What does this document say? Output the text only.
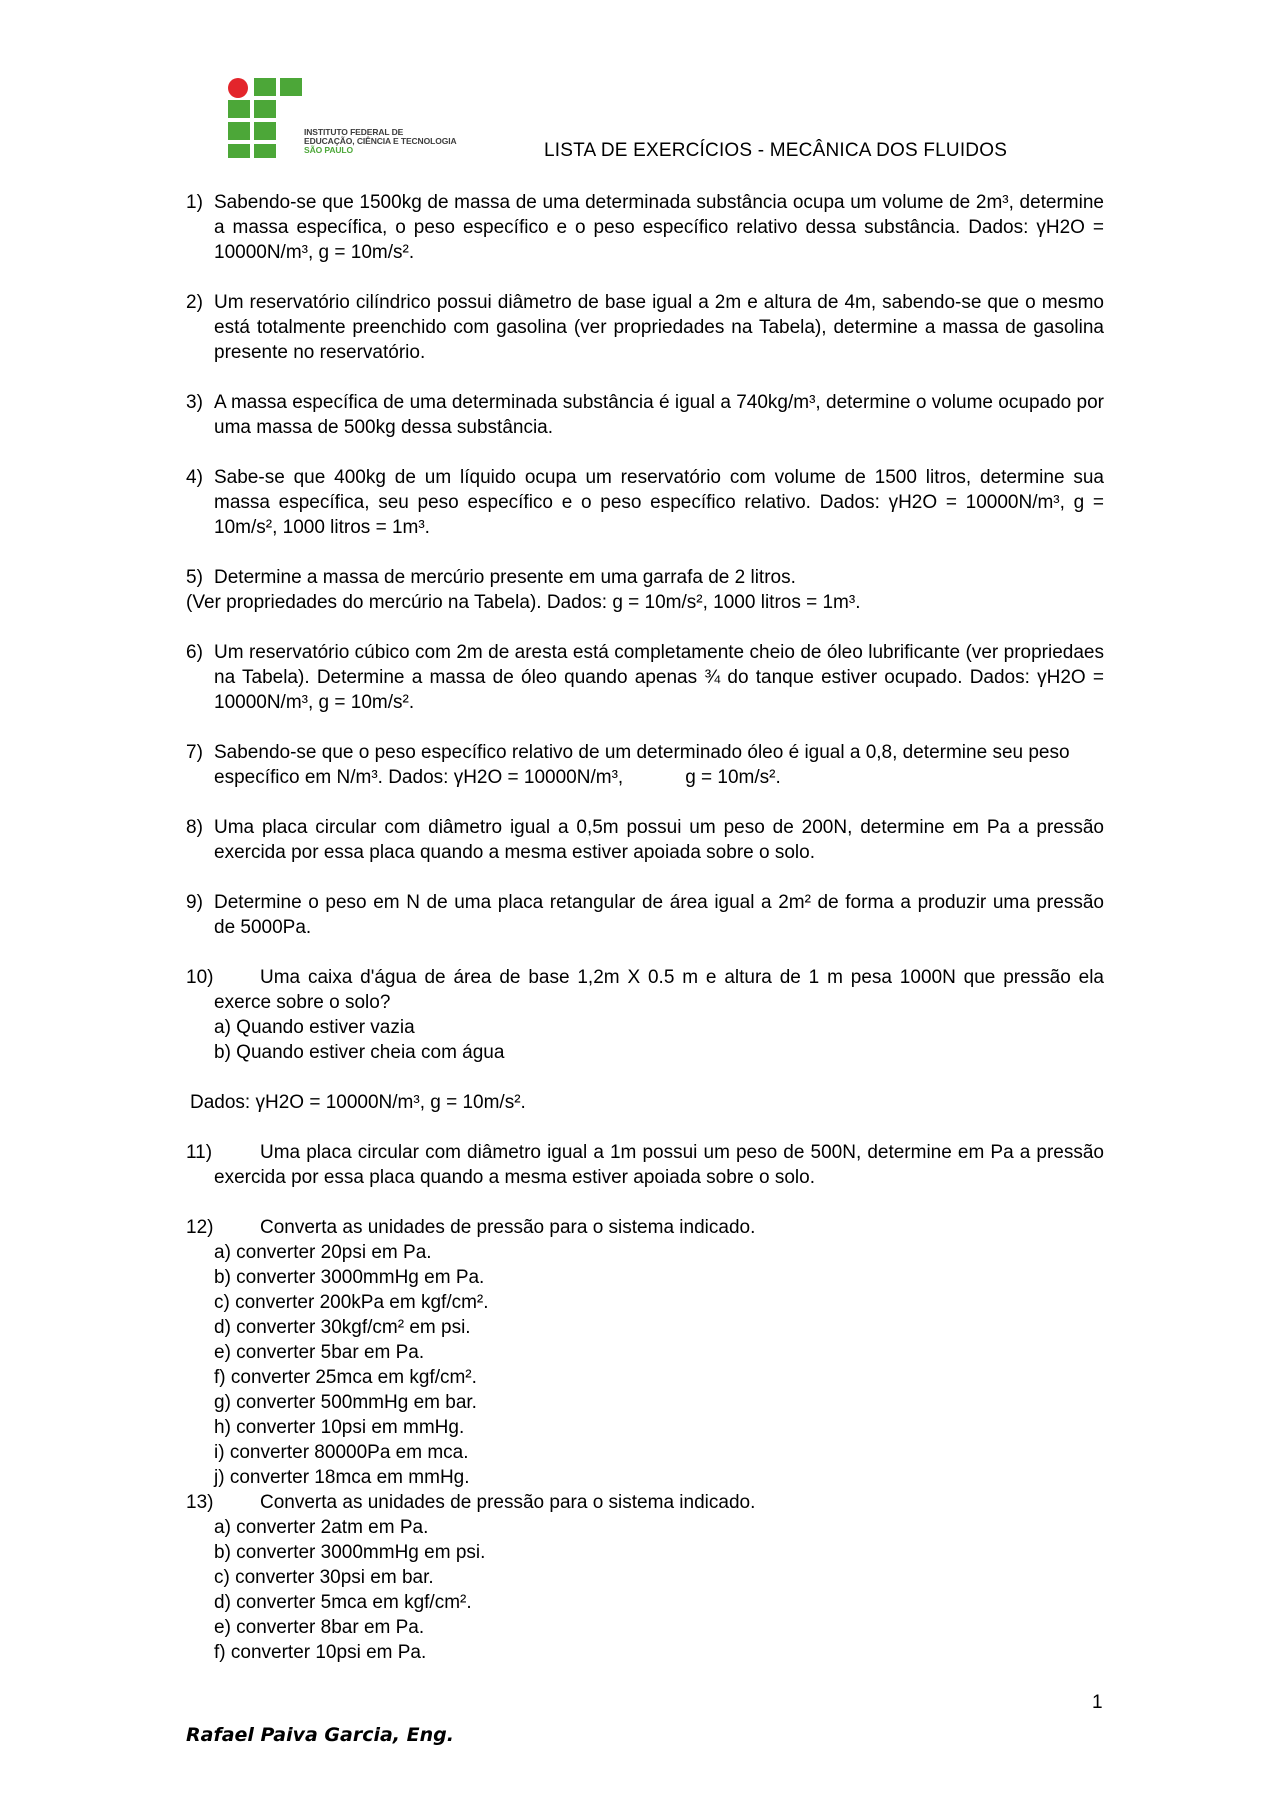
INSTITUTO FEDERAL DE
EDUCAÇÃO, CIÊNCIA E TECNOLOGIA
SÃO PAULO	LISTA DE EXERCÍCIOS - MECÂNICA DOS FLUIDOS
1) Sabendo-se que 1500kg de massa de uma determinada substância ocupa um volume de 2m³, determine a massa específica, o peso específico e o peso específico relativo dessa substância. Dados: γH2O = 10000N/m³, g = 10m/s².
2) Um reservatório cilíndrico possui diâmetro de base igual a 2m e altura de 4m, sabendo-se que o mesmo está totalmente preenchido com gasolina (ver propriedades na Tabela), determine a massa de gasolina presente no reservatório.
3) A massa específica de uma determinada substância é igual a 740kg/m³, determine o volume ocupado por uma massa de 500kg dessa substância.
4) Sabe-se que 400kg de um líquido ocupa um reservatório com volume de 1500 litros, determine sua massa específica, seu peso específico e o peso específico relativo. Dados: γH2O = 10000N/m³, g = 10m/s², 1000 litros = 1m³.
5) Determine a massa de mercúrio presente em uma garrafa de 2 litros.
(Ver propriedades do mercúrio na Tabela). Dados: g = 10m/s², 1000 litros = 1m³.
6) Um reservatório cúbico com 2m de aresta está completamente cheio de óleo lubrificante (ver propriedaes na Tabela). Determine a massa de óleo quando apenas ¾ do tanque estiver ocupado. Dados: γH2O = 10000N/m³, g = 10m/s².
7) Sabendo-se que o peso específico relativo de um determinado óleo é igual a 0,8, determine seu peso específico em N/m³. Dados: γH2O = 10000N/m³,	g = 10m/s².
8) Uma placa circular com diâmetro igual a 0,5m possui um peso de 200N, determine em Pa a pressão exercida por essa placa quando a mesma estiver apoiada sobre o solo.
9) Determine o peso em N de uma placa retangular de área igual a 2m² de forma a produzir uma pressão de 5000Pa.
10)	Uma caixa d'água de área de base 1,2m X 0.5 m e altura de 1 m pesa 1000N que pressão ela exerce sobre o solo?
a) Quando estiver vazia
b) Quando estiver cheia com água
Dados: γH2O = 10000N/m³, g = 10m/s².
11)	Uma placa circular com diâmetro igual a 1m possui um peso de 500N, determine em Pa a pressão exercida por essa placa quando a mesma estiver apoiada sobre o solo.
12)	Converta as unidades de pressão para o sistema indicado.
a) converter 20psi em Pa.
b) converter 3000mmHg em Pa.
c) converter 200kPa em kgf/cm².
d) converter 30kgf/cm² em psi.
e) converter 5bar em Pa.
f) converter 25mca em kgf/cm².
g) converter 500mmHg em bar.
h) converter 10psi em mmHg.
i) converter 80000Pa em mca.
j) converter 18mca em mmHg.
13)	Converta as unidades de pressão para o sistema indicado.
a) converter 2atm em Pa.
b) converter 3000mmHg em psi.
c) converter 30psi em bar.
d) converter 5mca em kgf/cm².
e) converter 8bar em Pa.
f) converter 10psi em Pa.
1
Rafael Paiva Garcia, Eng.
